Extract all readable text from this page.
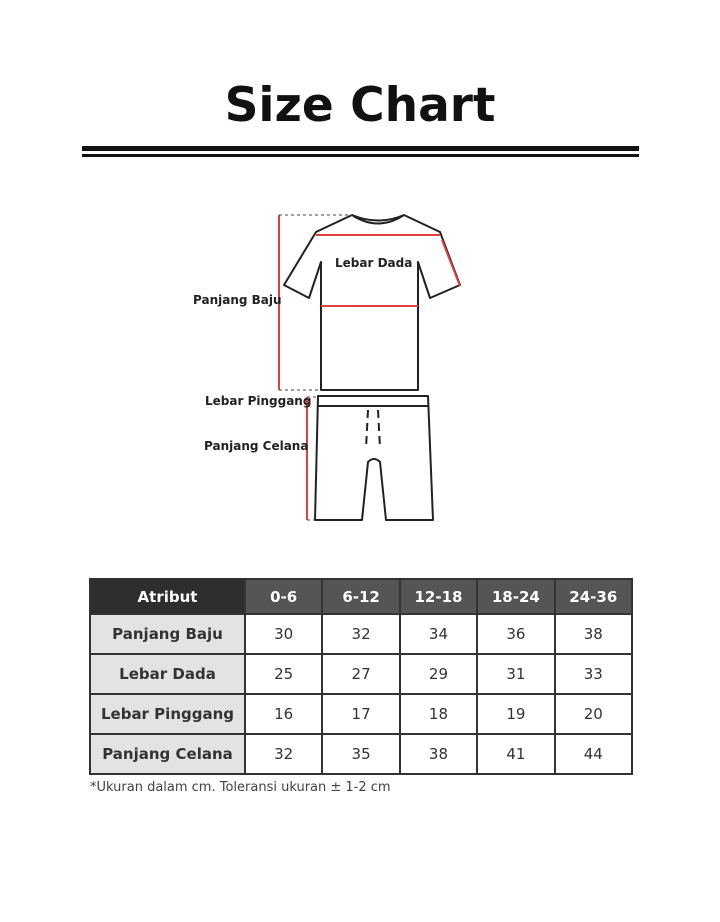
Size Chart
Lebar Dada
Panjang Baju
Lebar Pinggang
Panjang Celana
Atribut	0-6	6-12	12-18	18-24	24-36
Panjang Baju	30	32	34	36	38
Lebar Dada	25	27	29	31	33
Lebar Pinggang	16	17	18	19	20
Panjang Celana	32	35	38	41	44
*Ukuran dalam cm. Toleransi ukuran ± 1-2 cm
